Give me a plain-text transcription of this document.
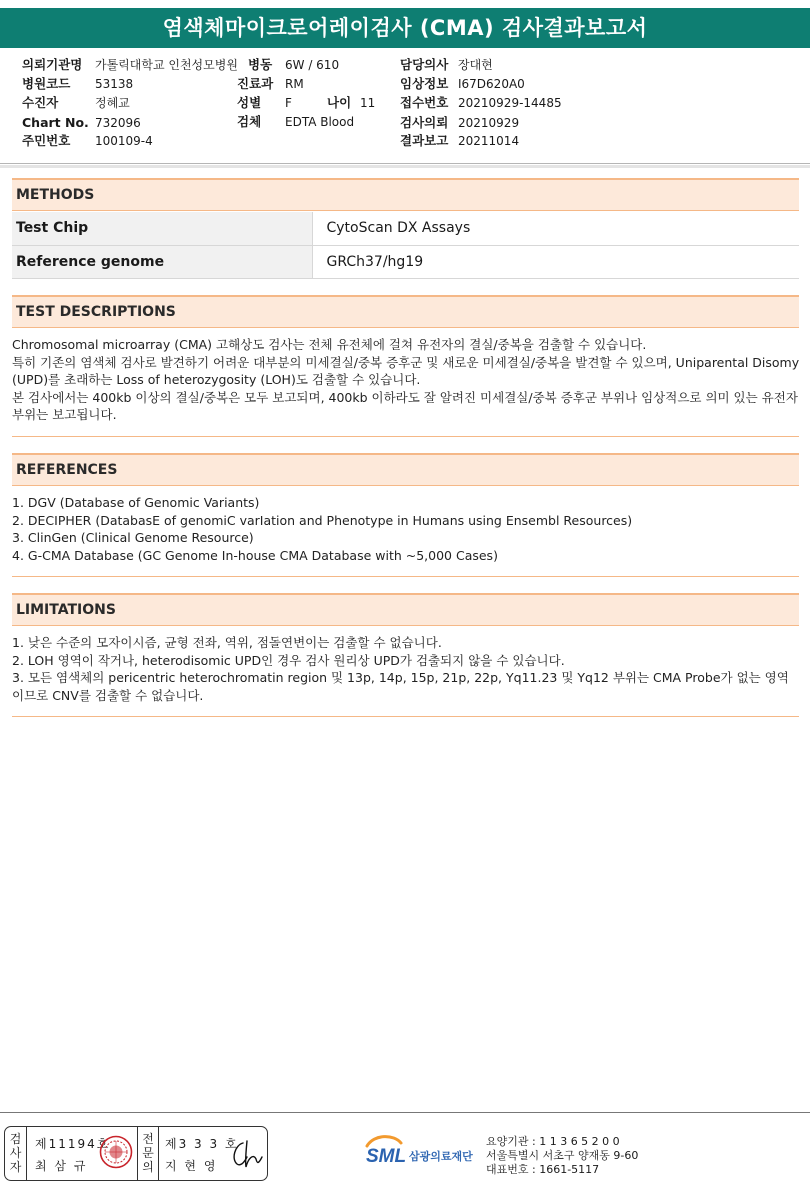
염색체마이크로어레이검사 (CMA) 검사결과보고서
의뢰기관명 가톨릭대학교 인천성모병원 병동 6W / 610	담당의사 장대현
병원코드 53138	진료과 RM	임상정보 I67D620A0
수진자	정혜교	성별 F	나이 11 접수번호 20210929-14485
Chart No. 732096	검체 EDTA Blood	검사의뢰 20210929
주민번호 100109-4	결과보고 20211014
METHODS
Test Chip	CytoScan DX Assays
Reference genome	GRCh37/hg19
TEST DESCRIPTIONS

Chromosomal microarray (CMA) 고해상도 검사는 전체 유전체에 걸쳐 유전자의 결실/중복을 검출할 수 있습니다.

특히 기존의 염색체 검사로 발견하기 어려운 대부분의 미세결실/중복 증후군 및 새로운 미세결실/중복을 발견할 수 있으며, Uniparental Disomy (UPD)를 초래하는 Loss of heterozygosity (LOH)도 검출할 수 있습니다.

본 검사에서는 400kb 이상의 결실/중복은 모두 보고되며, 400kb 이하라도 잘 알려진 미세결실/중복 증후군 부위나 임상적으로 의미 있는 유전자 부위는 보고됩니다.

REFERENCES

1. DGV (Database of Genomic Variants)

2. DECIPHER (DatabasE of genomiC varIation and Phenotype in Humans using Ensembl Resources)

3. ClinGen (Clinical Genome Resource)

4. G-CMA Database (GC Genome In-house CMA Database with ~5,000 Cases)

LIMITATIONS

1. 낮은 수준의 모자이시즘, 균형 전좌, 역위, 점돌연변이는 검출할 수 없습니다.

2. LOH 영역이 작거나, heterodisomic UPD인 경우 검사 원리상 UPD가 검출되지 않을 수 있습니다.

3. 모든 염색체의 pericentric heterochromatin region 및 13p, 14p, 15p, 21p, 22p, Yq11.23 및 Yq12 부위는 CMA Probe가 없는 영역이므로 CNV를 검출할 수 없습니다.

검
사
자
제11194호
최 삼 규
전
문
의
제3 3 3 호
지 현 영	SML 삼광의료재단
요양기관 : 1 1 3 6 5 2 0 0
서울특별시 서초구 양재동 9-60
대표번호 : 1661-5117
